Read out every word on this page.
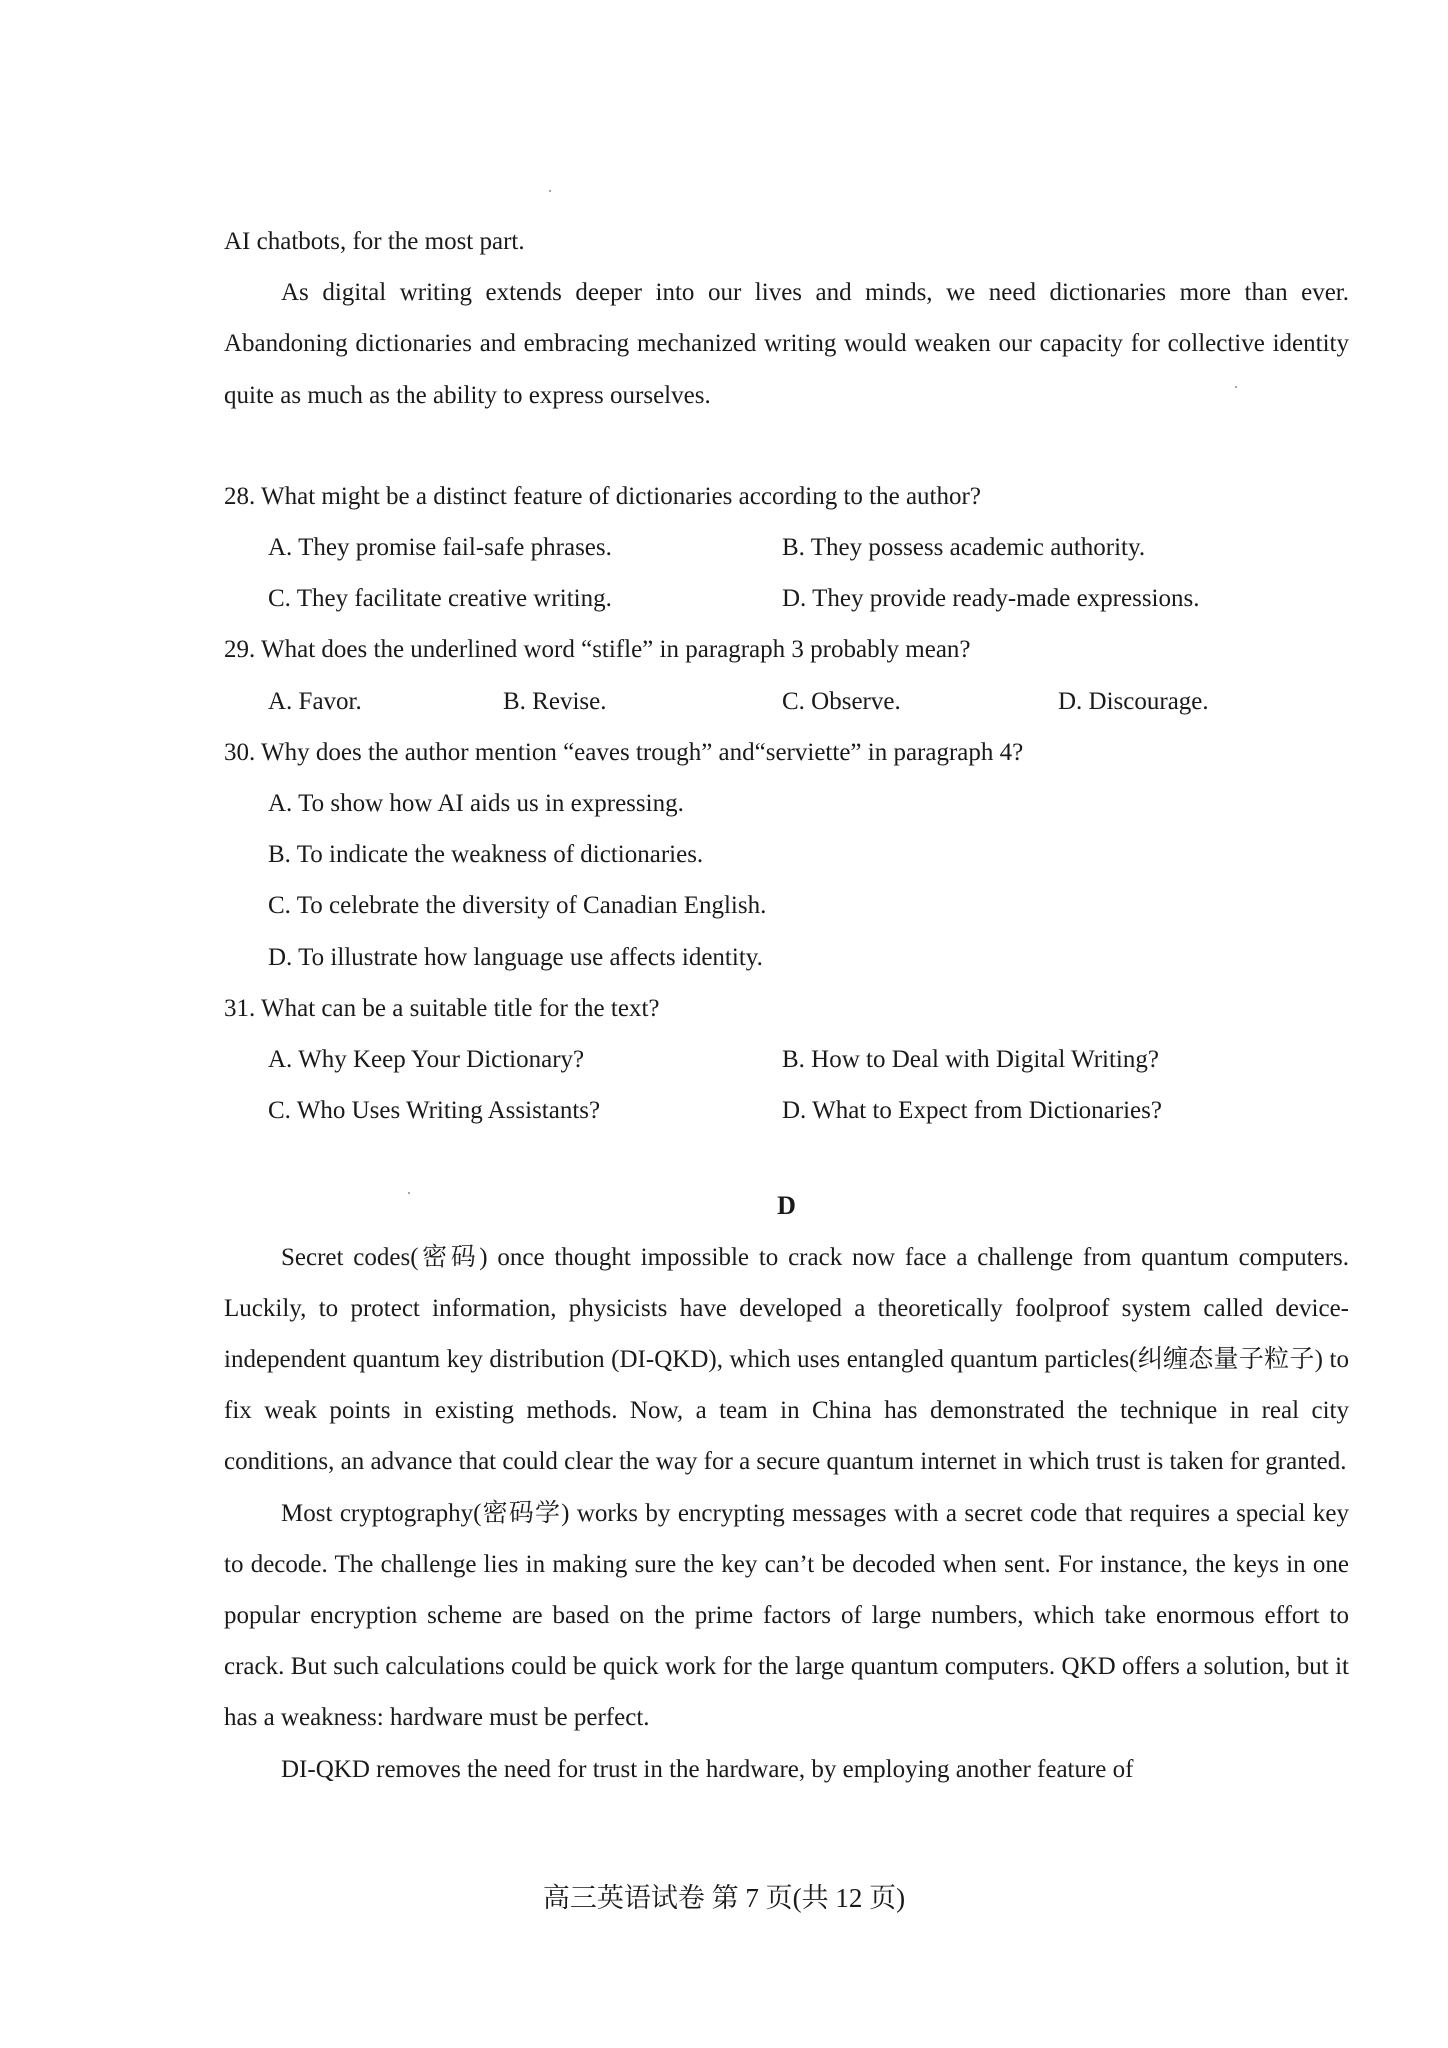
AI chatbots, for the most part.

As digital writing extends deeper into our lives and minds, we need dictionaries more than ever. Abandoning dictionaries and embracing mechanized writing would weaken our capacity for collective identity quite as much as the ability to express ourselves.

28. What might be a distinct feature of dictionaries according to the author?
A. They promise fail-safe phrases.	B. They possess academic authority.
C. They facilitate creative writing.	D. They provide ready-made expressions.
29. What does the underlined word “stifle” in paragraph 3 probably mean?
A. Favor.	B. Revise.	C. Observe.	D. Discourage.
30. Why does the author mention “eaves trough” and“serviette” in paragraph 4?
A. To show how AI aids us in expressing.
B. To indicate the weakness of dictionaries.
C. To celebrate the diversity of Canadian English.
D. To illustrate how language use affects identity.
31. What can be a suitable title for the text?
A. Why Keep Your Dictionary?	B. How to Deal with Digital Writing?
C. Who Uses Writing Assistants?	D. What to Expect from Dictionaries?
D

Secret codes(密码) once thought impossible to crack now face a challenge from quantum computers. Luckily, to protect information, physicists have developed a theoretically foolproof system called device-independent quantum key distribution (DI-QKD), which uses entangled quantum particles(纠缠态量子粒子) to fix weak points in existing methods. Now, a team in China has demonstrated the technique in real city conditions, an advance that could clear the way for a secure quantum internet in which trust is taken for granted.

Most cryptography(密码学) works by encrypting messages with a secret code that requires a special key to decode. The challenge lies in making sure the key can’t be decoded when sent. For instance, the keys in one popular encryption scheme are based on the prime factors of large numbers, which take enormous effort to crack. But such calculations could be quick work for the large quantum computers. QKD offers a solution, but it has a weakness: hardware must be perfect.

DI-QKD removes the need for trust in the hardware, by employing another feature of

高三英语试卷 第 7 页(共 12 页)
